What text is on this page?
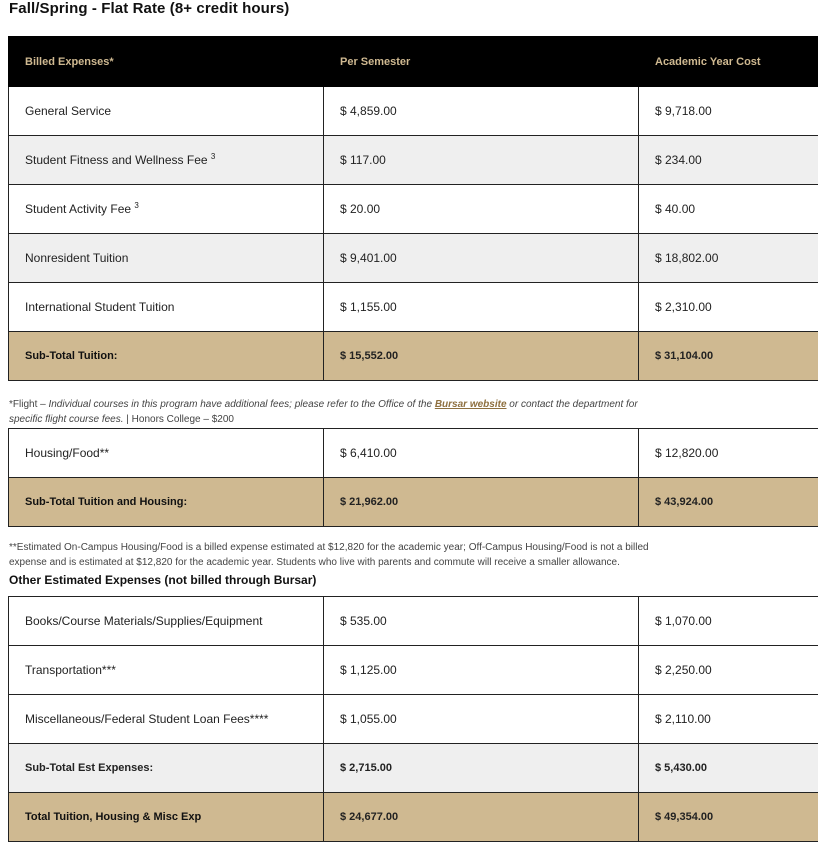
Fall/Spring - Flat Rate (8+ credit hours)
Billed Expenses*	Per Semester	Academic Year Cost
General Service	$ 4,859.00	$ 9,718.00
Student Fitness and Wellness Fee $^3$	$ 117.00	$ 234.00
Student Activity Fee $^3$	$ 20.00	$ 40.00
Nonresident Tuition	$ 9,401.00	$ 18,802.00
International Student Tuition	$ 1,155.00	$ 2,310.00
Sub-Total Tuition:	$ 15,552.00	$ 31,104.00
*Flight – Individual courses in this program have additional fees; please refer to the Office of the Bursar website or contact the department for specific flight course fees. | Honors College – $200
Housing/Food**	$ 6,410.00	$ 12,820.00
Sub-Total Tuition and Housing:	$ 21,962.00	$ 43,924.00
**Estimated On-Campus Housing/Food is a billed expense estimated at $12,820 for the academic year; Off-Campus Housing/Food is not a billed expense and is estimated at $12,820 for the academic year. Students who live with parents and commute will receive a smaller allowance.
Other Estimated Expenses (not billed through Bursar)
Books/Course Materials/Supplies/Equipment	$ 535.00	$ 1,070.00
Transportation***	$ 1,125.00	$ 2,250.00
Miscellaneous/Federal Student Loan Fees****	$ 1,055.00	$ 2,110.00
Sub-Total Est Expenses:	$ 2,715.00	$ 5,430.00
Total Tuition, Housing & Misc Exp	$ 24,677.00	$ 49,354.00
